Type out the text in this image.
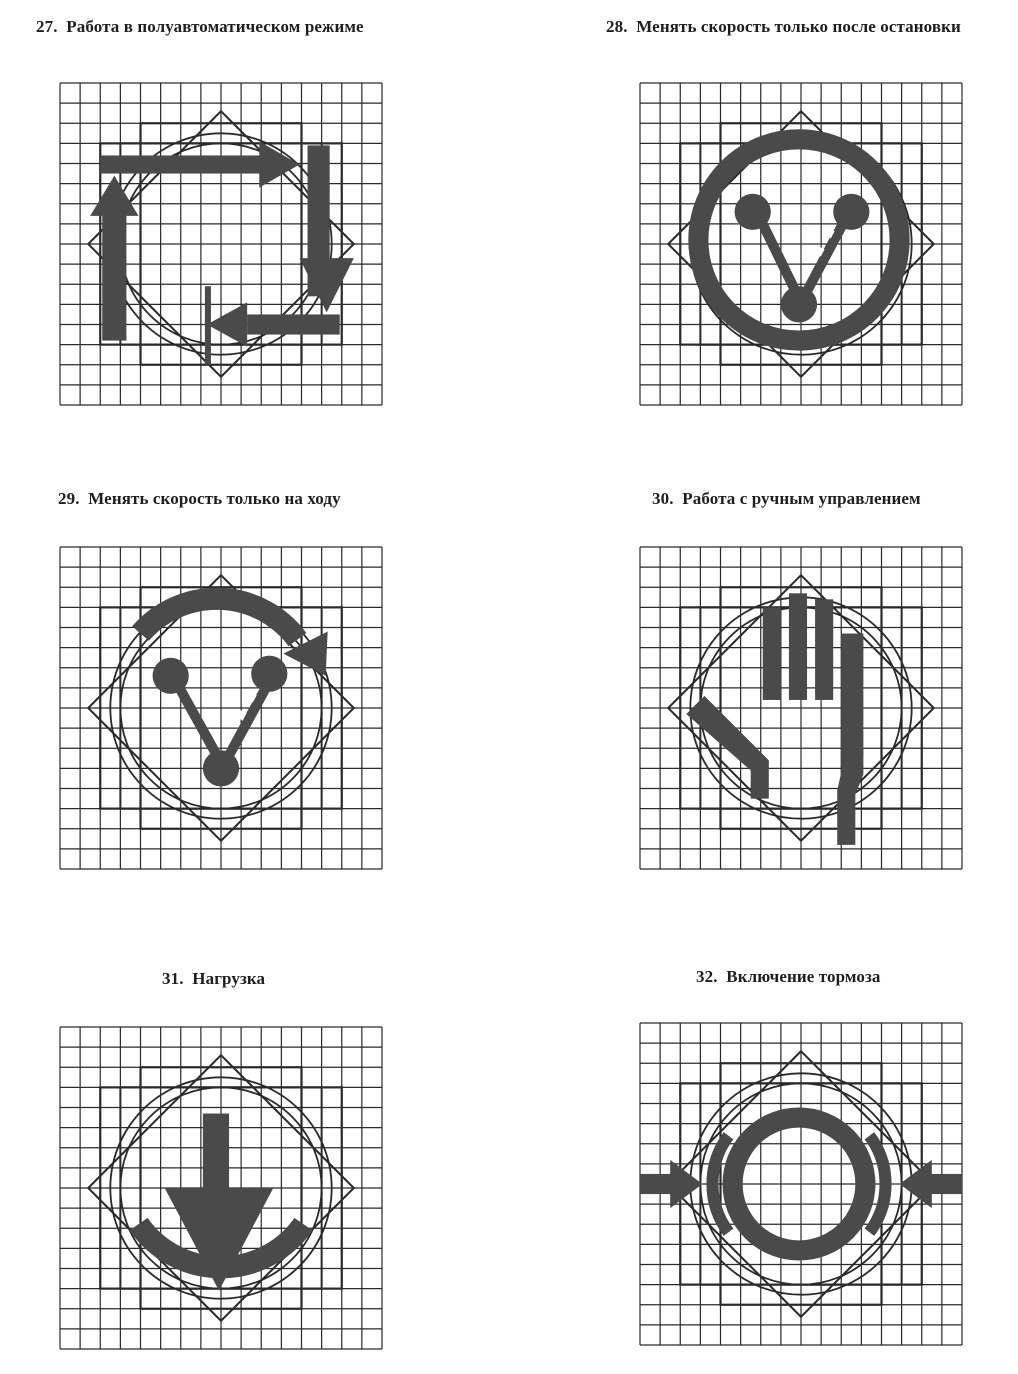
27. Работа в полуавтоматическом режиме	28. Менять скорость только после остановки

29. Менять скорость только на ходу	30. Работа с ручным управлением

31. Нагрузка	32. Включение тормоза
